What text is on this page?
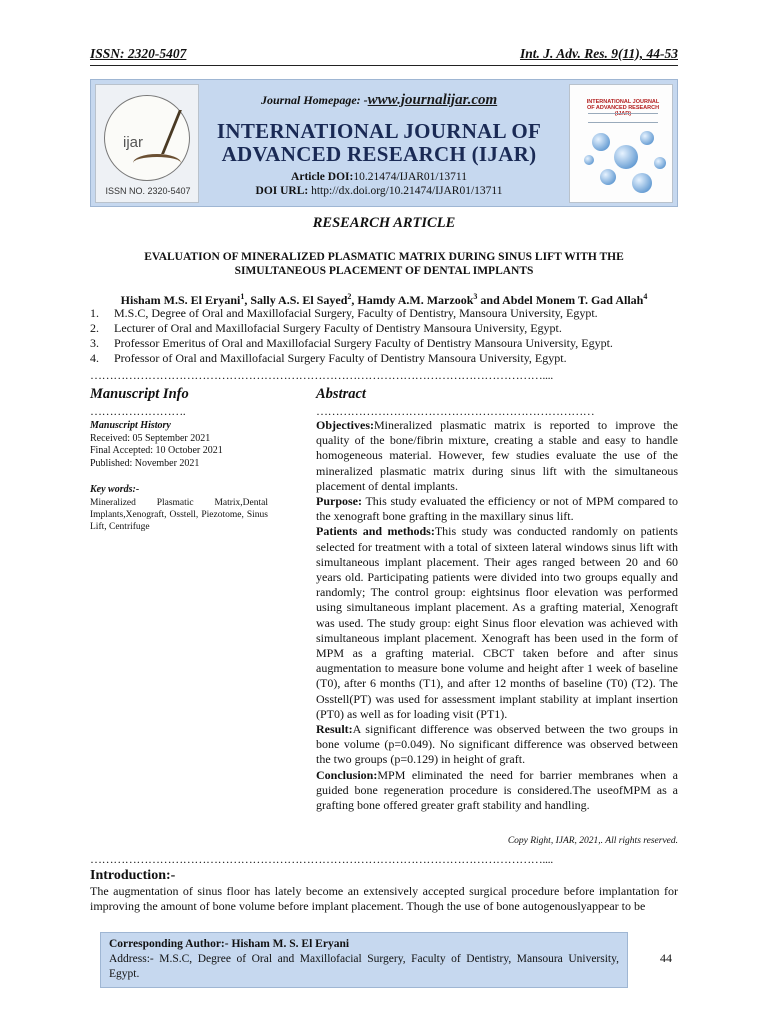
ISSN: 2320-5407	Int. J. Adv. Res. 9(11), 44-53
ijar
ISSN NO. 2320-5407
Journal Homepage: -www.journalijar.com
INTERNATIONAL JOURNAL OF
ADVANCED RESEARCH (IJAR)
Article DOI:10.21474/IJAR01/13711
DOI URL: http://dx.doi.org/10.21474/IJAR01/13711
INTERNATIONAL JOURNAL OF ADVANCED RESEARCH (IJAR)
RESEARCH ARTICLE
EVALUATION OF MINERALIZED PLASMATIC MATRIX DURING SINUS LIFT WITH THE
SIMULTANEOUS PLACEMENT OF DENTAL IMPLANTS
Hisham M.S. El Eryani$^1$, Sally A.S. El Sayed$^2$, Hamdy A.M. Marzook$^3$ and Abdel Monem T. Gad Allah$^4$
1. M.S.C, Degree of Oral and Maxillofacial Surgery, Faculty of Dentistry, Mansoura University, Egypt.
2. Lecturer of Oral and Maxillofacial Surgery Faculty of Dentistry Mansoura University, Egypt.
3. Professor Emeritus of Oral and Maxillofacial Surgery Faculty of Dentistry Mansoura University, Egypt.
4. Professor of Oral and Maxillofacial Surgery Faculty of Dentistry Mansoura University, Egypt.
………………………………………………………………………………………………………....
Manuscript Info	Abstract
…………………….	………………………………………………………………
Manuscript History
Received: 05 September 2021
Final Accepted: 10 October 2021
Published: November 2021
Key words:-
Mineralized Plasmatic Matrix,Dental Implants,Xenograft, Osstell, Piezotome, Sinus Lift, Centrifuge
Objectives:Mineralized plasmatic matrix is reported to improve the quality of the bone/fibrin mixture, creating a stable and easy to handle homogeneous material. However, few studies evaluate the use of the mineralized plasmatic matrix during sinus lift with the simultaneous placement of dental implants.
Purpose: This study evaluated the efficiency or not of MPM compared to the xenograft bone grafting in the maxillary sinus lift.
Patients and methods:This study was conducted randomly on patients selected for treatment with a total of sixteen lateral windows sinus lift with simultaneous implant placement. Their ages ranged between 20 and 60 years old. Participating patients were divided into two groups equally and randomly; The control group: eightsinus floor elevation was performed using simultaneous implant placement. As a grafting material, Xenograft was used. The study group: eight Sinus floor elevation was achieved with simultaneous implant placement. Xenograft has been used in the form of MPM as a grafting material. CBCT taken before and after sinus augmentation to measure bone volume and height after 1 week of baseline (T0), after 6 months (T1), and after 12 months of baseline (T0) (T2). The Osstell(PT) was used for assessment implant stability at implant insertion (PT0) as well as for loading visit (PT1).
Result:A significant difference was observed between the two groups in bone volume (p=0.049). No significant difference was observed between the two groups (p=0.129) in height of graft.
Conclusion:MPM eliminated the need for barrier membranes when a guided bone regeneration procedure is considered.The useofMPM as a grafting bone offered greater graft stability and handling.
Copy Right, IJAR, 2021,. All rights reserved.
………………………………………………………………………………………………………....
Introduction:-
The augmentation of sinus floor has lately become an extensively accepted surgical procedure before implantation for improving the amount of bone volume before implant placement. Though the use of bone autogenouslyappear to be
Corresponding Author:- Hisham M. S. El Eryani
Address:- M.S.C, Degree of Oral and Maxillofacial Surgery, Faculty of Dentistry, Mansoura University, Egypt.
44
